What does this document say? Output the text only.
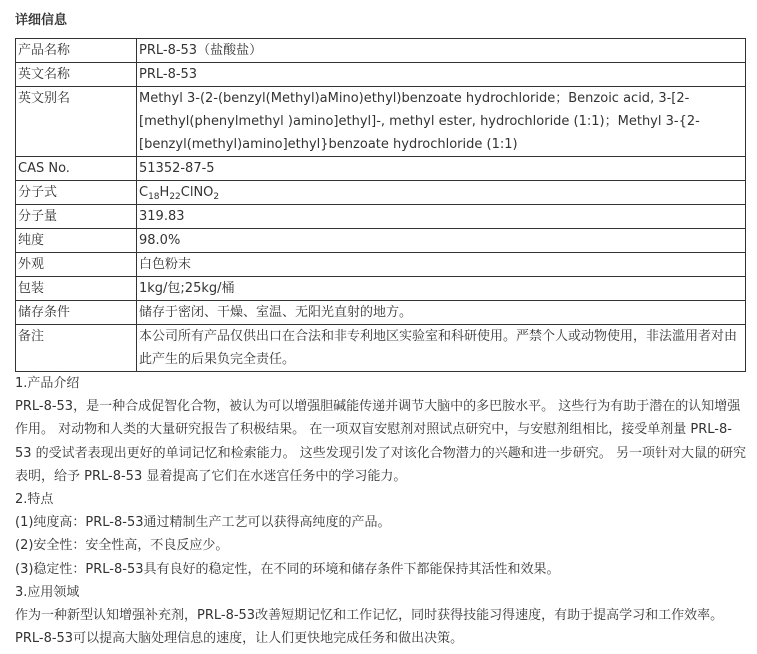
详细信息
产品名称	PRL-8-53（盐酸盐）
英文名称	PRL-8-53
英文别名	Methyl 3-(2-(benzyl(Methyl)aMino)ethyl)benzoate hydrochloride；Benzoic acid, 3-[2-[methyl(phenylmethyl )amino]ethyl]-, methyl ester, hydrochloride (1:1)；Methyl 3-{2-[benzyl(methyl)amino]ethyl}benzoate hydrochloride (1:1)
CAS No.	51352-87-5
分子式	$C_{18}H_{22}ClNO_2$
分子量	319.83
纯度	98.0%
外观	白色粉末
包装	1kg/包;25kg/桶
储存条件	储存于密闭、干燥、室温、无阳光直射的地方。
备注	本公司所有产品仅供出口在合法和非专利地区实验室和科研使用。严禁个人或动物使用，非法滥用者对由此产生的后果负完全责任。

1.产品介绍

PRL-8-53，是一种合成促智化合物，被认为可以增强胆碱能传递并调节大脑中的多巴胺水平。 这些行为有助于潜在的认知增强作用。 对动物和人类的大量研究报告了积极结果。 在一项双盲安慰剂对照试点研究中，与安慰剂组相比，接受单剂量 PRL-8-53 的受试者表现出更好的单词记忆和检索能力。 这些发现引发了对该化合物潜力的兴趣和进一步研究。 另一项针对大鼠的研究表明，给予 PRL-8-53 显着提高了它们在水迷宫任务中的学习能力。

2.特点

(1)纯度高：PRL-8-53通过精制生产工艺可以获得高纯度的产品。

(2)安全性：安全性高，不良反应少。

(3)稳定性：PRL-8-53具有良好的稳定性，在不同的环境和储存条件下都能保持其活性和效果。

3.应用领域

作为一种新型认知增强补充剂，PRL-8-53改善短期记忆和工作记忆，同时获得技能习得速度，有助于提高学习和工作效率。 PRL-8-53可以提高大脑处理信息的速度，让人们更快地完成任务和做出决策。
